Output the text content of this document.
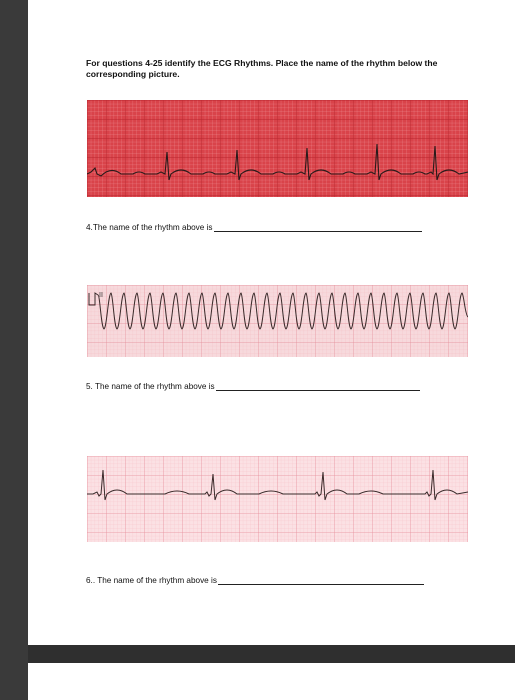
For questions 4-25 identify the ECG Rhythms. Place the name of the rhythm below the corresponding picture.

4.The name of the rhythm above is
II
5. The name of the rhythm above is
6.. The name of the rhythm above is
